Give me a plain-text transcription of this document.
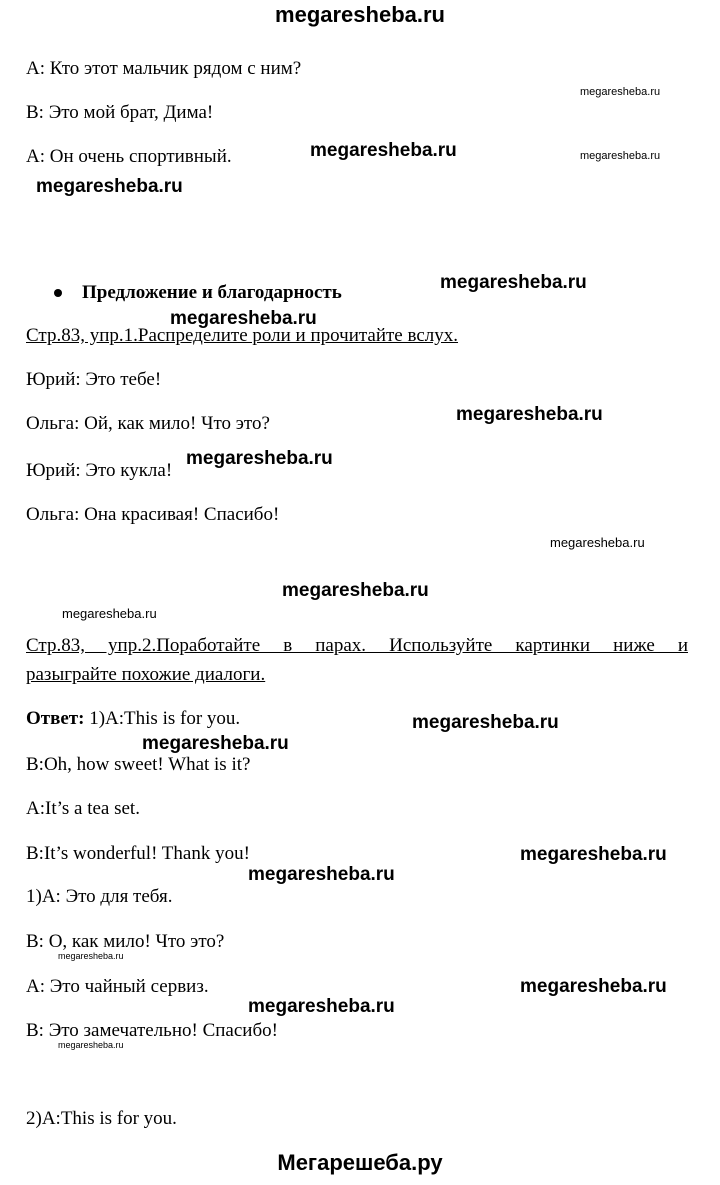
megaresheba.ru
A: Кто этот мальчик рядом с ним?
B: Это мой брат, Дима!
A: Он очень спортивный.
Предложение и благодарность
Стр.83, упр.1.Распределите роли и прочитайте вслух.
Юрий: Это тебе!
Ольга: Ой, как мило! Что это?
Юрий: Это кукла!
Ольга: Она красивая! Спасибо!
Стр.83, упр.2.Поработайте в парах. Используйте картинки ниже и
разыграйте похожие диалоги.
Ответ: 1)A:This is for you.
B:Oh, how sweet! What is it?
A:It’s a tea set.
B:It’s wonderful! Thank you!
1)A: Это для тебя.
B: О, как мило! Что это?
A: Это чайный сервиз.
B: Это замечательно! Спасибо!
2)A:This is for you.
megaresheba.ru
megaresheba.ru
megaresheba.ru
megaresheba.ru
megaresheba.ru
megaresheba.ru
megaresheba.ru
megaresheba.ru
megaresheba.ru
megaresheba.ru
megaresheba.ru
megaresheba.ru
megaresheba.ru
megaresheba.ru
megaresheba.ru
megaresheba.ru
megaresheba.ru
megaresheba.ru
megaresheba.ru
Мегарешеба.ру
